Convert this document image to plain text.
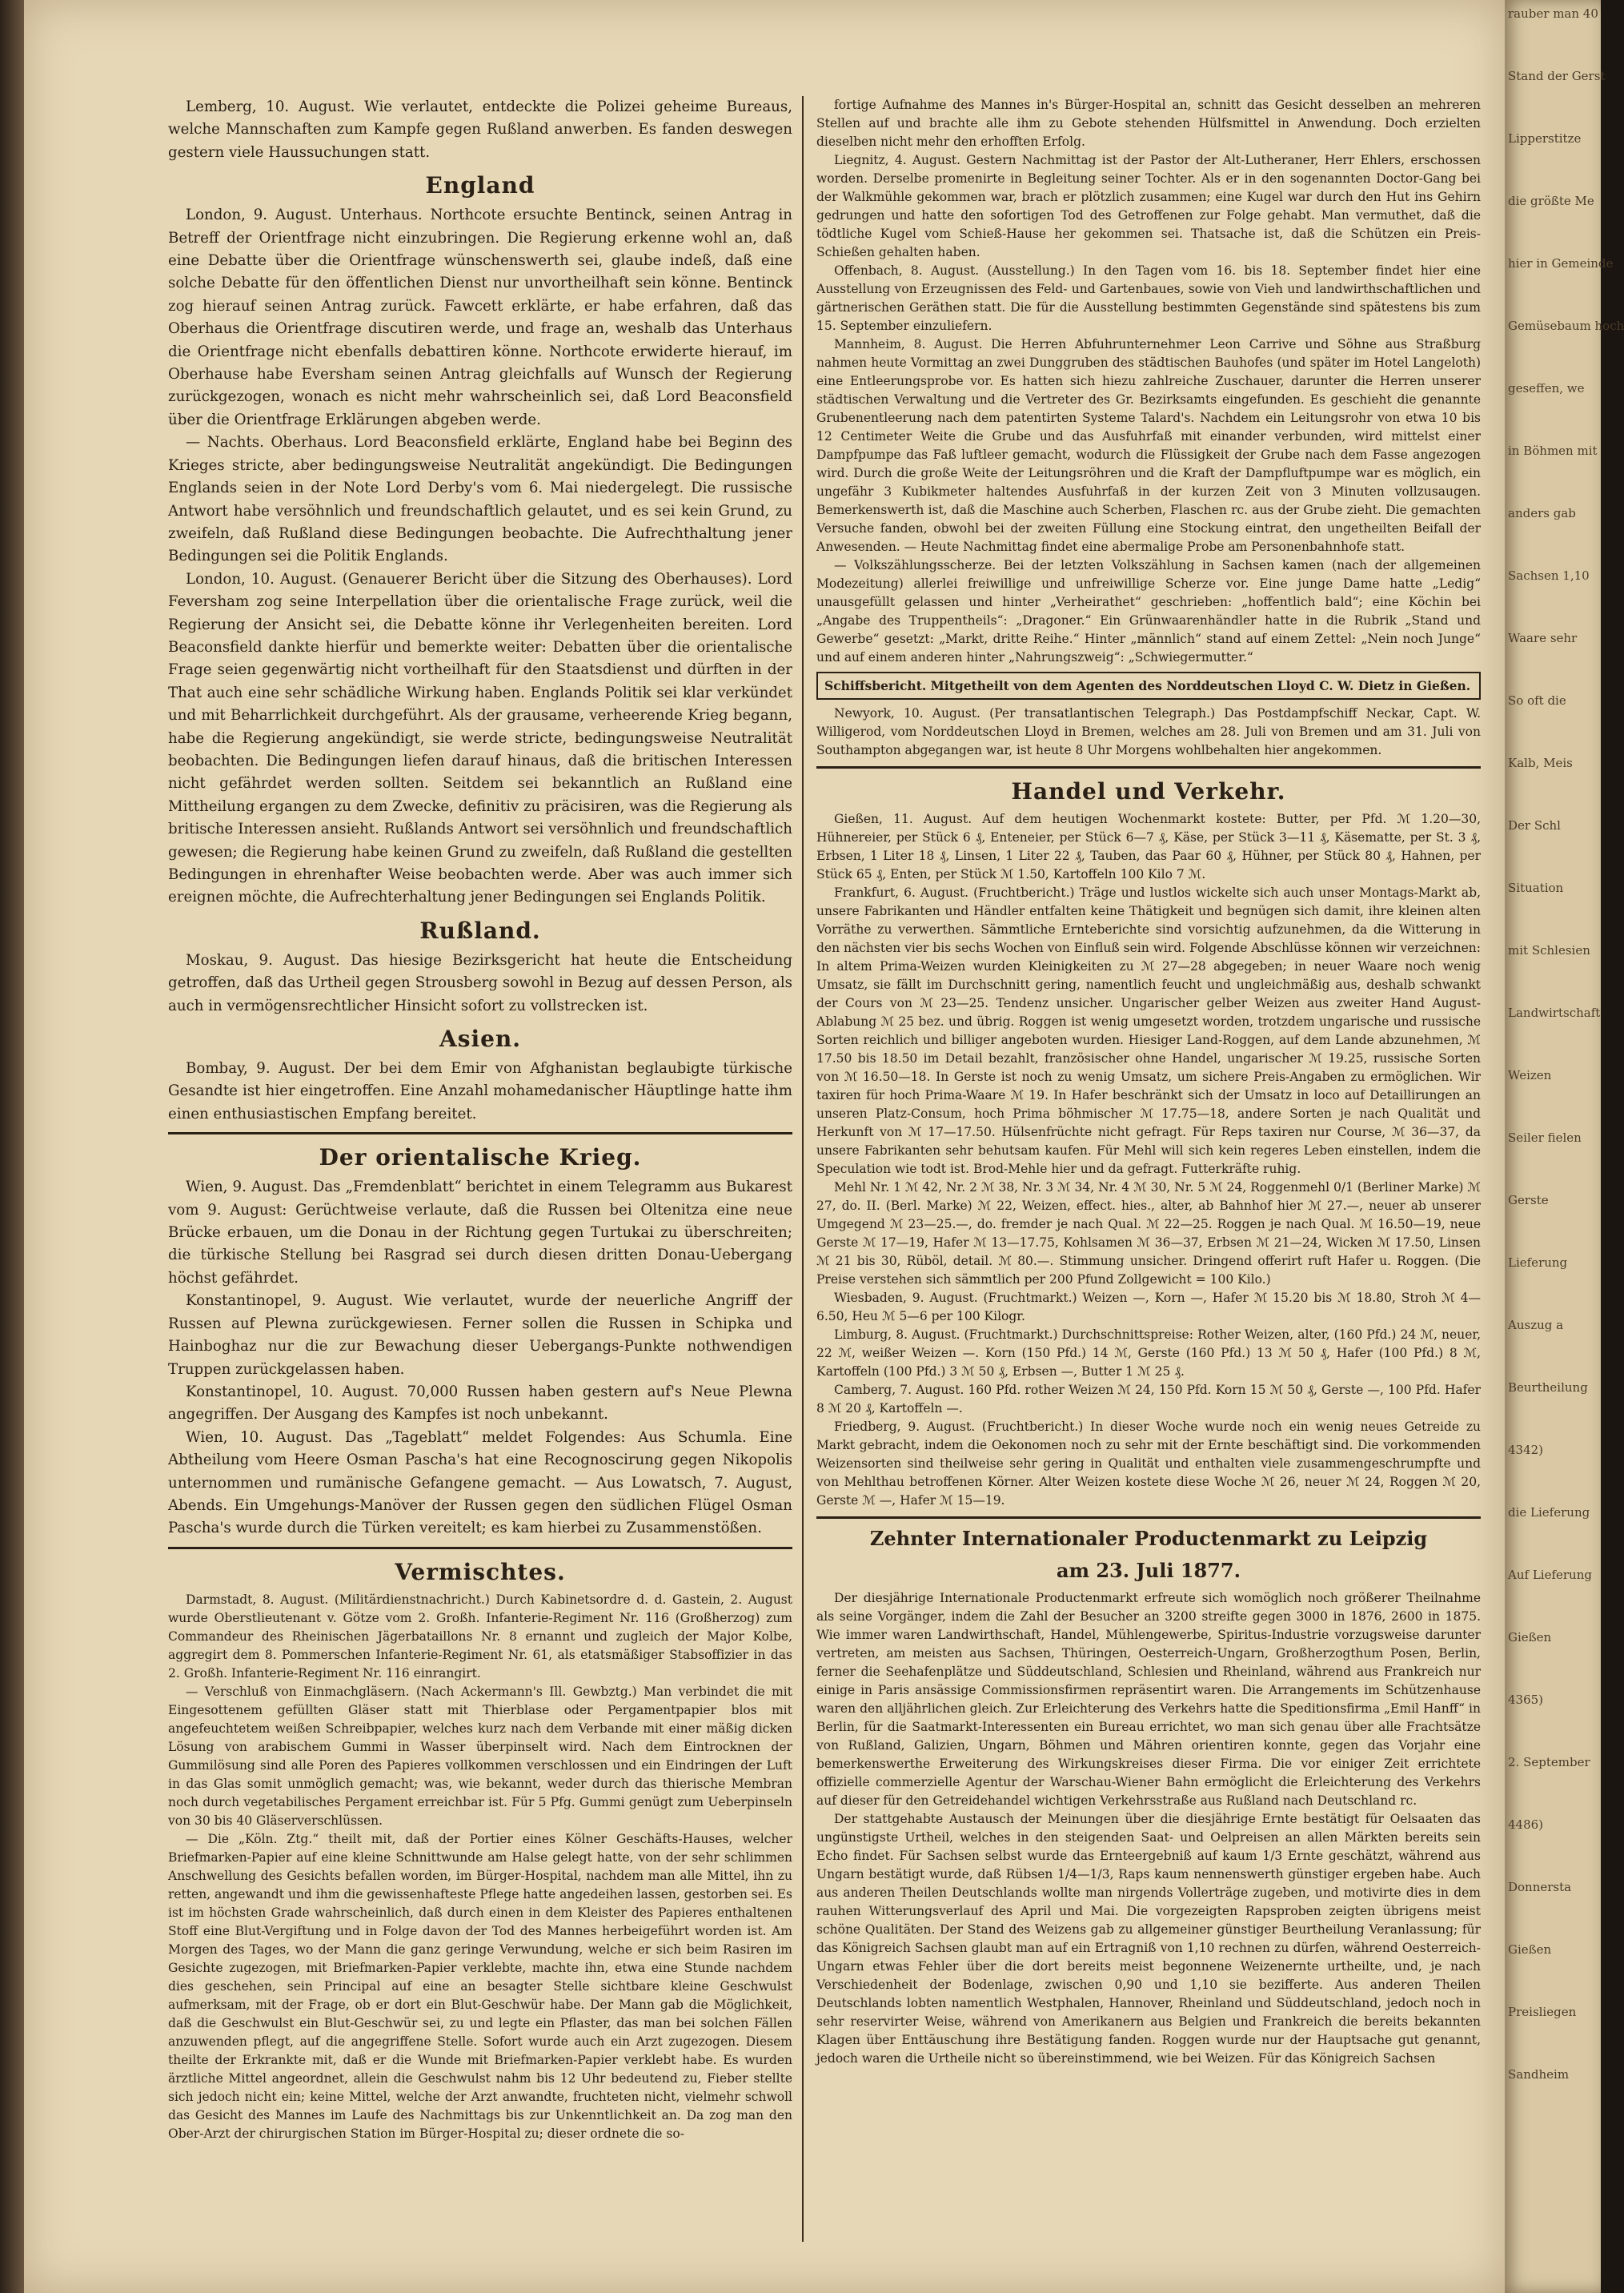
Lemberg, 10. August. Wie verlautet, entdeckte die Polizei geheime Bureaus, welche Mannschaften zum Kampfe gegen Rußland anwerben. Es fanden deswegen gestern viele Haussuchungen statt.

England

London, 9. August. Unterhaus. Northcote ersuchte Bentinck, seinen Antrag in Betreff der Orientfrage nicht einzubringen. Die Regierung erkenne wohl an, daß eine Debatte über die Orientfrage wünschenswerth sei, glaube indeß, daß eine solche Debatte für den öffentlichen Dienst nur unvortheilhaft sein könne. Bentinck zog hierauf seinen Antrag zurück. Fawcett erklärte, er habe erfahren, daß das Oberhaus die Orientfrage discutiren werde, und frage an, weshalb das Unterhaus die Orientfrage nicht ebenfalls debattiren könne. Northcote erwiderte hierauf, im Oberhause habe Eversham seinen Antrag gleichfalls auf Wunsch der Regierung zurückgezogen, wonach es nicht mehr wahrscheinlich sei, daß Lord Beaconsfield über die Orientfrage Erklärungen abgeben werde.

— Nachts. Oberhaus. Lord Beaconsfield erklärte, England habe bei Beginn des Krieges stricte, aber bedingungsweise Neutralität angekündigt. Die Bedingungen Englands seien in der Note Lord Derby's vom 6. Mai niedergelegt. Die russische Antwort habe versöhnlich und freundschaftlich gelautet, und es sei kein Grund, zu zweifeln, daß Rußland diese Bedingungen beobachte. Die Aufrechthaltung jener Bedingungen sei die Politik Englands.

London, 10. August. (Genauerer Bericht über die Sitzung des Oberhauses). Lord Feversham zog seine Interpellation über die orientalische Frage zurück, weil die Regierung der Ansicht sei, die Debatte könne ihr Verlegenheiten bereiten. Lord Beaconsfield dankte hierfür und bemerkte weiter: Debatten über die orientalische Frage seien gegenwärtig nicht vortheilhaft für den Staatsdienst und dürften in der That auch eine sehr schädliche Wirkung haben. Englands Politik sei klar verkündet und mit Beharrlichkeit durchgeführt. Als der grausame, verheerende Krieg begann, habe die Regierung angekündigt, sie werde stricte, bedingungsweise Neutralität beobachten. Die Bedingungen liefen darauf hinaus, daß die britischen Interessen nicht gefährdet werden sollten. Seitdem sei bekanntlich an Rußland eine Mittheilung ergangen zu dem Zwecke, definitiv zu präcisiren, was die Regierung als britische Interessen ansieht. Rußlands Antwort sei versöhnlich und freundschaftlich gewesen; die Regierung habe keinen Grund zu zweifeln, daß Rußland die gestellten Bedingungen in ehrenhafter Weise beobachten werde. Aber was auch immer sich ereignen möchte, die Aufrechterhaltung jener Bedingungen sei Englands Politik.

Rußland.

Moskau, 9. August. Das hiesige Bezirksgericht hat heute die Entscheidung getroffen, daß das Urtheil gegen Strousberg sowohl in Bezug auf dessen Person, als auch in vermögensrechtlicher Hinsicht sofort zu vollstrecken ist.

Asien.

Bombay, 9. August. Der bei dem Emir von Afghanistan beglaubigte türkische Gesandte ist hier eingetroffen. Eine Anzahl mohamedanischer Häuptlinge hatte ihm einen enthusiastischen Empfang bereitet.

Der orientalische Krieg.

Wien, 9. August. Das „Fremdenblatt“ berichtet in einem Telegramm aus Bukarest vom 9. August: Gerüchtweise verlaute, daß die Russen bei Oltenitza eine neue Brücke erbauen, um die Donau in der Richtung gegen Turtukai zu überschreiten; die türkische Stellung bei Rasgrad sei durch diesen dritten Donau-Uebergang höchst gefährdet.

Konstantinopel, 9. August. Wie verlautet, wurde der neuerliche Angriff der Russen auf Plewna zurückgewiesen. Ferner sollen die Russen in Schipka und Hainboghaz nur die zur Bewachung dieser Uebergangs-Punkte nothwendigen Truppen zurückgelassen haben.

Konstantinopel, 10. August. 70,000 Russen haben gestern auf's Neue Plewna angegriffen. Der Ausgang des Kampfes ist noch unbekannt.

Wien, 10. August. Das „Tageblatt“ meldet Folgendes: Aus Schumla. Eine Abtheilung vom Heere Osman Pascha's hat eine Recognoscirung gegen Nikopolis unternommen und rumänische Gefangene gemacht. — Aus Lowatsch, 7. August, Abends. Ein Umgehungs-Manöver der Russen gegen den südlichen Flügel Osman Pascha's wurde durch die Türken vereitelt; es kam hierbei zu Zusammenstößen.

Vermischtes.

Darmstadt, 8. August. (Militärdienstnachricht.) Durch Kabinetsordre d. d. Gastein, 2. August wurde Oberstlieutenant v. Götze vom 2. Großh. Infanterie-Regiment Nr. 116 (Großherzog) zum Commandeur des Rheinischen Jägerbataillons Nr. 8 ernannt und zugleich der Major Kolbe, aggregirt dem 8. Pommerschen Infanterie-Regiment Nr. 61, als etatsmäßiger Stabsoffizier in das 2. Großh. Infanterie-Regiment Nr. 116 einrangirt.

— Verschluß von Einmachgläsern. (Nach Ackermann's Ill. Gewbztg.) Man verbindet die mit Eingesottenem gefüllten Gläser statt mit Thierblase oder Pergamentpapier blos mit angefeuchtetem weißen Schreibpapier, welches kurz nach dem Verbande mit einer mäßig dicken Lösung von arabischem Gummi in Wasser überpinselt wird. Nach dem Eintrocknen der Gummilösung sind alle Poren des Papieres vollkommen verschlossen und ein Eindringen der Luft in das Glas somit unmöglich gemacht; was, wie bekannt, weder durch das thierische Membran noch durch vegetabilisches Pergament erreichbar ist. Für 5 Pfg. Gummi genügt zum Ueberpinseln von 30 bis 40 Gläserverschlüssen.

— Die „Köln. Ztg.“ theilt mit, daß der Portier eines Kölner Geschäfts-Hauses, welcher Briefmarken-Papier auf eine kleine Schnittwunde am Halse gelegt hatte, von der sehr schlimmen Anschwellung des Gesichts befallen worden, im Bürger-Hospital, nachdem man alle Mittel, ihn zu retten, angewandt und ihm die gewissenhafteste Pflege hatte angedeihen lassen, gestorben sei. Es ist im höchsten Grade wahrscheinlich, daß durch einen in dem Kleister des Papieres enthaltenen Stoff eine Blut-Vergiftung und in Folge davon der Tod des Mannes herbeigeführt worden ist. Am Morgen des Tages, wo der Mann die ganz geringe Verwundung, welche er sich beim Rasiren im Gesichte zugezogen, mit Briefmarken-Papier verklebte, machte ihn, etwa eine Stunde nachdem dies geschehen, sein Principal auf eine an besagter Stelle sichtbare kleine Geschwulst aufmerksam, mit der Frage, ob er dort ein Blut-Geschwür habe. Der Mann gab die Möglichkeit, daß die Geschwulst ein Blut-Geschwür sei, zu und legte ein Pflaster, das man bei solchen Fällen anzuwenden pflegt, auf die angegriffene Stelle. Sofort wurde auch ein Arzt zugezogen. Diesem theilte der Erkrankte mit, daß er die Wunde mit Briefmarken-Papier verklebt habe. Es wurden ärztliche Mittel angeordnet, allein die Geschwulst nahm bis 12 Uhr bedeutend zu, Fieber stellte sich jedoch nicht ein; keine Mittel, welche der Arzt anwandte, fruchteten nicht, vielmehr schwoll das Gesicht des Mannes im Laufe des Nachmittags bis zur Unkenntlichkeit an. Da zog man den Ober-Arzt der chirurgischen Station im Bürger-Hospital zu; dieser ordnete die so-

fortige Aufnahme des Mannes in's Bürger-Hospital an, schnitt das Gesicht desselben an mehreren Stellen auf und brachte alle ihm zu Gebote stehenden Hülfsmittel in Anwendung. Doch erzielten dieselben nicht mehr den erhofften Erfolg.

Liegnitz, 4. August. Gestern Nachmittag ist der Pastor der Alt-Lutheraner, Herr Ehlers, erschossen worden. Derselbe promenirte in Begleitung seiner Tochter. Als er in den sogenannten Doctor-Gang bei der Walkmühle gekommen war, brach er plötzlich zusammen; eine Kugel war durch den Hut ins Gehirn gedrungen und hatte den sofortigen Tod des Getroffenen zur Folge gehabt. Man vermuthet, daß die tödtliche Kugel vom Schieß-Hause her gekommen sei. Thatsache ist, daß die Schützen ein Preis-Schießen gehalten haben.

Offenbach, 8. August. (Ausstellung.) In den Tagen vom 16. bis 18. September findet hier eine Ausstellung von Erzeugnissen des Feld- und Gartenbaues, sowie von Vieh und landwirthschaftlichen und gärtnerischen Geräthen statt. Die für die Ausstellung bestimmten Gegenstände sind spätestens bis zum 15. September einzuliefern.

Mannheim, 8. August. Die Herren Abfuhrunternehmer Leon Carrive und Söhne aus Straßburg nahmen heute Vormittag an zwei Dunggruben des städtischen Bauhofes (und später im Hotel Langeloth) eine Entleerungsprobe vor. Es hatten sich hiezu zahlreiche Zuschauer, darunter die Herren unserer städtischen Verwaltung und die Vertreter des Gr. Bezirksamts eingefunden. Es geschieht die genannte Grubenentleerung nach dem patentirten Systeme Talard's. Nachdem ein Leitungsrohr von etwa 10 bis 12 Centimeter Weite die Grube und das Ausfuhrfaß mit einander verbunden, wird mittelst einer Dampfpumpe das Faß luftleer gemacht, wodurch die Flüssigkeit der Grube nach dem Fasse angezogen wird. Durch die große Weite der Leitungsröhren und die Kraft der Dampfluftpumpe war es möglich, ein ungefähr 3 Kubikmeter haltendes Ausfuhrfaß in der kurzen Zeit von 3 Minuten vollzusaugen. Bemerkenswerth ist, daß die Maschine auch Scherben, Flaschen rc. aus der Grube zieht. Die gemachten Versuche fanden, obwohl bei der zweiten Füllung eine Stockung eintrat, den ungetheilten Beifall der Anwesenden. — Heute Nachmittag findet eine abermalige Probe am Personenbahnhofe statt.

— Volkszählungsscherze. Bei der letzten Volkszählung in Sachsen kamen (nach der allgemeinen Modezeitung) allerlei freiwillige und unfreiwillige Scherze vor. Eine junge Dame hatte „Ledig“ unausgefüllt gelassen und hinter „Verheirathet“ geschrieben: „hoffentlich bald“; eine Köchin bei „Angabe des Truppentheils“: „Dragoner.“ Ein Grünwaarenhändler hatte in die Rubrik „Stand und Gewerbe“ gesetzt: „Markt, dritte Reihe.“ Hinter „männlich“ stand auf einem Zettel: „Nein noch Junge“ und auf einem anderen hinter „Nahrungszweig“: „Schwiegermutter.“

Schiffsbericht. Mitgetheilt von dem Agenten des Norddeutschen Lloyd C. W. Dietz in Gießen.

Newyork, 10. August. (Per transatlantischen Telegraph.) Das Postdampfschiff Neckar, Capt. W. Willigerod, vom Norddeutschen Lloyd in Bremen, welches am 28. Juli von Bremen und am 31. Juli von Southampton abgegangen war, ist heute 8 Uhr Morgens wohlbehalten hier angekommen.

Handel und Verkehr.

Gießen, 11. August. Auf dem heutigen Wochenmarkt kostete: Butter, per Pfd. ℳ 1.20—30, Hühnereier, per Stück 6 ₰, Enteneier, per Stück 6—7 ₰, Käse, per Stück 3—11 ₰, Käsematte, per St. 3 ₰, Erbsen, 1 Liter 18 ₰, Linsen, 1 Liter 22 ₰, Tauben, das Paar 60 ₰, Hühner, per Stück 80 ₰, Hahnen, per Stück 65 ₰, Enten, per Stück ℳ 1.50, Kartoffeln 100 Kilo 7 ℳ.

Frankfurt, 6. August. (Fruchtbericht.) Träge und lustlos wickelte sich auch unser Montags-Markt ab, unsere Fabrikanten und Händler entfalten keine Thätigkeit und begnügen sich damit, ihre kleinen alten Vorräthe zu verwerthen. Sämmtliche Ernteberichte sind vorsichtig aufzunehmen, da die Witterung in den nächsten vier bis sechs Wochen von Einfluß sein wird. Folgende Abschlüsse können wir verzeichnen: In altem Prima-Weizen wurden Kleinigkeiten zu ℳ 27—28 abgegeben; in neuer Waare noch wenig Umsatz, sie fällt im Durchschnitt gering, namentlich feucht und ungleichmäßig aus, deshalb schwankt der Cours von ℳ 23—25. Tendenz unsicher. Ungarischer gelber Weizen aus zweiter Hand August-Ablabung ℳ 25 bez. und übrig. Roggen ist wenig umgesetzt worden, trotzdem ungarische und russische Sorten reichlich und billiger angeboten wurden. Hiesiger Land-Roggen, auf dem Lande abzunehmen, ℳ 17.50 bis 18.50 im Detail bezahlt, französischer ohne Handel, ungarischer ℳ 19.25, russische Sorten von ℳ 16.50—18. In Gerste ist noch zu wenig Umsatz, um sichere Preis-Angaben zu ermöglichen. Wir taxiren für hoch Prima-Waare ℳ 19. In Hafer beschränkt sich der Umsatz in loco auf Detaillirungen an unseren Platz-Consum, hoch Prima böhmischer ℳ 17.75—18, andere Sorten je nach Qualität und Herkunft von ℳ 17—17.50. Hülsenfrüchte nicht gefragt. Für Reps taxiren nur Course, ℳ 36—37, da unsere Fabrikanten sehr behutsam kaufen. Für Mehl will sich kein regeres Leben einstellen, indem die Speculation wie todt ist. Brod-Mehle hier und da gefragt. Futterkräfte ruhig.

Mehl Nr. 1 ℳ 42, Nr. 2 ℳ 38, Nr. 3 ℳ 34, Nr. 4 ℳ 30, Nr. 5 ℳ 24, Roggenmehl 0/1 (Berliner Marke) ℳ 27, do. II. (Berl. Marke) ℳ 22, Weizen, effect. hies., alter, ab Bahnhof hier ℳ 27.—, neuer ab unserer Umgegend ℳ 23—25.—, do. fremder je nach Qual. ℳ 22—25. Roggen je nach Qual. ℳ 16.50—19, neue Gerste ℳ 17—19, Hafer ℳ 13—17.75, Kohlsamen ℳ 36—37, Erbsen ℳ 21—24, Wicken ℳ 17.50, Linsen ℳ 21 bis 30, Rüböl, detail. ℳ 80.—. Stimmung unsicher. Dringend offerirt ruft Hafer u. Roggen. (Die Preise verstehen sich sämmtlich per 200 Pfund Zollgewicht = 100 Kilo.)

Wiesbaden, 9. August. (Fruchtmarkt.) Weizen —, Korn —, Hafer ℳ 15.20 bis ℳ 18.80, Stroh ℳ 4—6.50, Heu ℳ 5—6 per 100 Kilogr.

Limburg, 8. August. (Fruchtmarkt.) Durchschnittspreise: Rother Weizen, alter, (160 Pfd.) 24 ℳ, neuer, 22 ℳ, weißer Weizen —. Korn (150 Pfd.) 14 ℳ, Gerste (160 Pfd.) 13 ℳ 50 ₰, Hafer (100 Pfd.) 8 ℳ, Kartoffeln (100 Pfd.) 3 ℳ 50 ₰, Erbsen —, Butter 1 ℳ 25 ₰.

Camberg, 7. August. 160 Pfd. rother Weizen ℳ 24, 150 Pfd. Korn 15 ℳ 50 ₰, Gerste —, 100 Pfd. Hafer 8 ℳ 20 ₰, Kartoffeln —.

Friedberg, 9. August. (Fruchtbericht.) In dieser Woche wurde noch ein wenig neues Getreide zu Markt gebracht, indem die Oekonomen noch zu sehr mit der Ernte beschäftigt sind. Die vorkommenden Weizensorten sind theilweise sehr gering in Qualität und enthalten viele zusammengeschrumpfte und von Mehlthau betroffenen Körner. Alter Weizen kostete diese Woche ℳ 26, neuer ℳ 24, Roggen ℳ 20, Gerste ℳ —, Hafer ℳ 15—19.

Zehnter Internationaler Productenmarkt zu Leipzig
am 23. Juli 1877.

Der diesjährige Internationale Productenmarkt erfreute sich womöglich noch größerer Theilnahme als seine Vorgänger, indem die Zahl der Besucher an 3200 streifte gegen 3000 in 1876, 2600 in 1875. Wie immer waren Landwirthschaft, Handel, Mühlengewerbe, Spiritus-Industrie vorzugsweise darunter vertreten, am meisten aus Sachsen, Thüringen, Oesterreich-Ungarn, Großherzogthum Posen, Berlin, ferner die Seehafenplätze und Süddeutschland, Schlesien und Rheinland, während aus Frankreich nur einige in Paris ansässige Commissionsfirmen repräsentirt waren. Die Arrangements im Schützenhause waren den alljährlichen gleich. Zur Erleichterung des Verkehrs hatte die Speditionsfirma „Emil Hanff“ in Berlin, für die Saatmarkt-Interessenten ein Bureau errichtet, wo man sich genau über alle Frachtsätze von Rußland, Galizien, Ungarn, Böhmen und Mähren orientiren konnte, gegen das Vorjahr eine bemerkenswerthe Erweiterung des Wirkungskreises dieser Firma. Die vor einiger Zeit errichtete offizielle commerzielle Agentur der Warschau-Wiener Bahn ermöglicht die Erleichterung des Verkehrs auf dieser für den Getreidehandel wichtigen Verkehrsstraße aus Rußland nach Deutschland rc.

Der stattgehabte Austausch der Meinungen über die diesjährige Ernte bestätigt für Oelsaaten das ungünstigste Urtheil, welches in den steigenden Saat- und Oelpreisen an allen Märkten bereits sein Echo findet. Für Sachsen selbst wurde das Ernteergebniß auf kaum 1/3 Ernte geschätzt, während aus Ungarn bestätigt wurde, daß Rübsen 1/4—1/3, Raps kaum nennenswerth günstiger ergeben habe. Auch aus anderen Theilen Deutschlands wollte man nirgends Vollerträge zugeben, und motivirte dies in dem rauhen Witterungsverlauf des April und Mai. Die vorgezeigten Rapsproben zeigten übrigens meist schöne Qualitäten. Der Stand des Weizens gab zu allgemeiner günstiger Beurtheilung Veranlassung; für das Königreich Sachsen glaubt man auf ein Ertragniß von 1,10 rechnen zu dürfen, während Oesterreich-Ungarn etwas Fehler über die dort bereits meist begonnene Weizenernte urtheilte, und, je nach Verschiedenheit der Bodenlage, zwischen 0,90 und 1,10 sie bezifferte. Aus anderen Theilen Deutschlands lobten namentlich Westphalen, Hannover, Rheinland und Süddeutschland, jedoch noch in sehr reservirter Weise, während von Amerikanern aus Belgien und Frankreich die bereits bekannten Klagen über Enttäuschung ihre Bestätigung fanden. Roggen wurde nur der Hauptsache gut genannt, jedoch waren die Urtheile nicht so übereinstimmend, wie bei Weizen. Für das Königreich Sachsen

rauber man 40
Stand der Gerst
Lipperstitze
die größte Me
hier in Gemeinde
Gemüsebaum hoch
geseffen, we
in Böhmen mit
anders gab
Sachsen 1,10
Waare sehr
So oft die
Kalb, Meis
Der Schl
Situation
mit Schlesien
Landwirtschaft
Weizen
Seiler fielen
Gerste
Lieferung
Auszug a
Beurtheilung
4342)
die Lieferung
Auf Lieferung
Gießen
4365)
2. September
4486)
Donnersta
Gießen
Preisliegen
Sandheim
